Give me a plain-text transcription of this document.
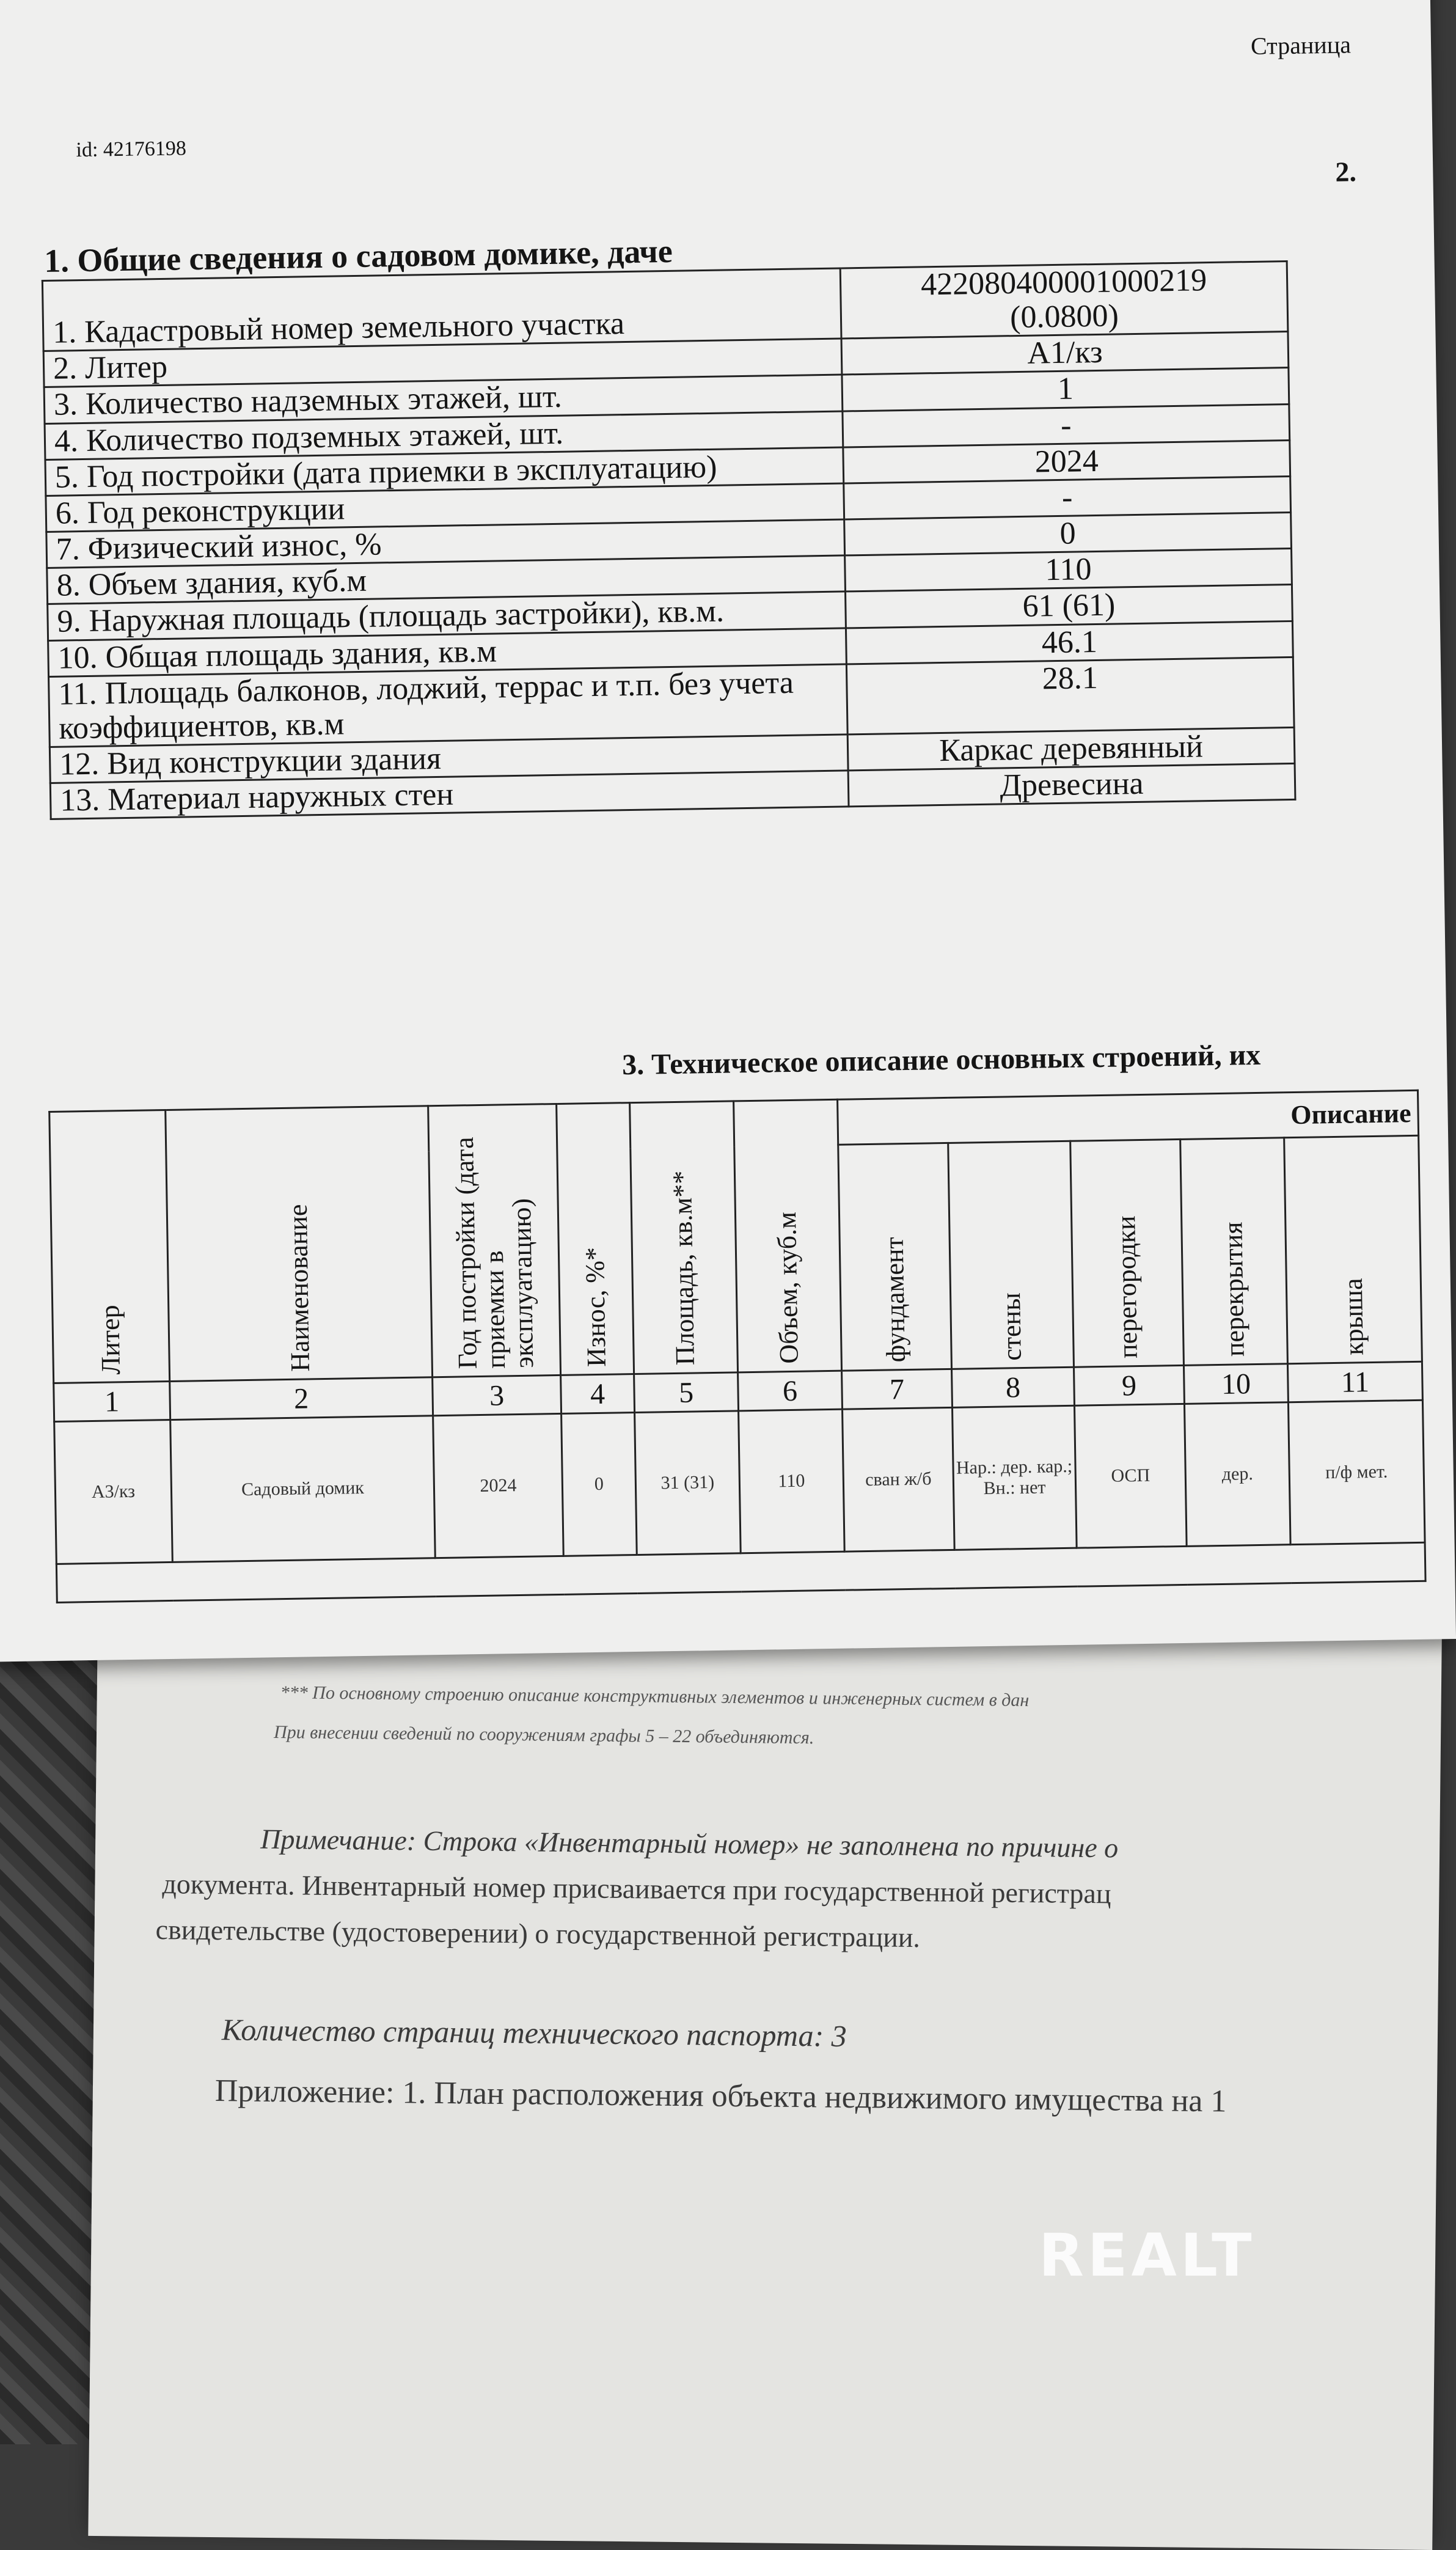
*** По основному строению описание конструктивных элементов и инженерных систем в дан
При внесении сведений по сооружениям графы 5 – 22 объединяются.
Примечание: Строка «Инвентарный номер» не заполнена по причине о
документа. Инвентарный номер присваивается при государственной регистрац
свидетельстве (удостоверении) о государственной регистрации.
Количество страниц технического паспорта: 3
Приложение: 1. План расположения объекта недвижимого имущества на 1
Страница
id: 42176198
2.
1. Общие сведения о садовом домике, даче
1. Кадастровый номер земельного участка	422080400001000219
(0.0800)
2. Литер	А1/кз
3. Количество надземных этажей, шт.	1
4. Количество подземных этажей, шт.	-
5. Год постройки (дата приемки в эксплуатацию)	2024
6. Год реконструкции	-
7. Физический износ, %	0
8. Объем здания, куб.м	110
9. Наружная площадь (площадь застройки), кв.м.	61 (61)
10. Общая площадь здания, кв.м	46.1
11. Площадь балконов, лоджий, террас и т.п. без учета коэффициентов, кв.м	28.1
12. Вид конструкции здания	Каркас деревянный
13. Материал наружных стен	Древесина
3. Техническое описание основных строений, их
Литер	Наименование	Год постройки (дата приемки в эксплуатацию)	Износ, %*	Площадь, кв.м**	Объем, куб.м	Описание				
						фундамент	стены	перегородки	перекрытия	крыша
1	2	3	4	5	6	7	8	9	10	11
А3/кз	Садовый домик	2024	0	31 (31)	110	сван ж/б	Нар.: дер. кар.; Вн.: нет	ОСП	дер.	п/ф мет.

REALT
